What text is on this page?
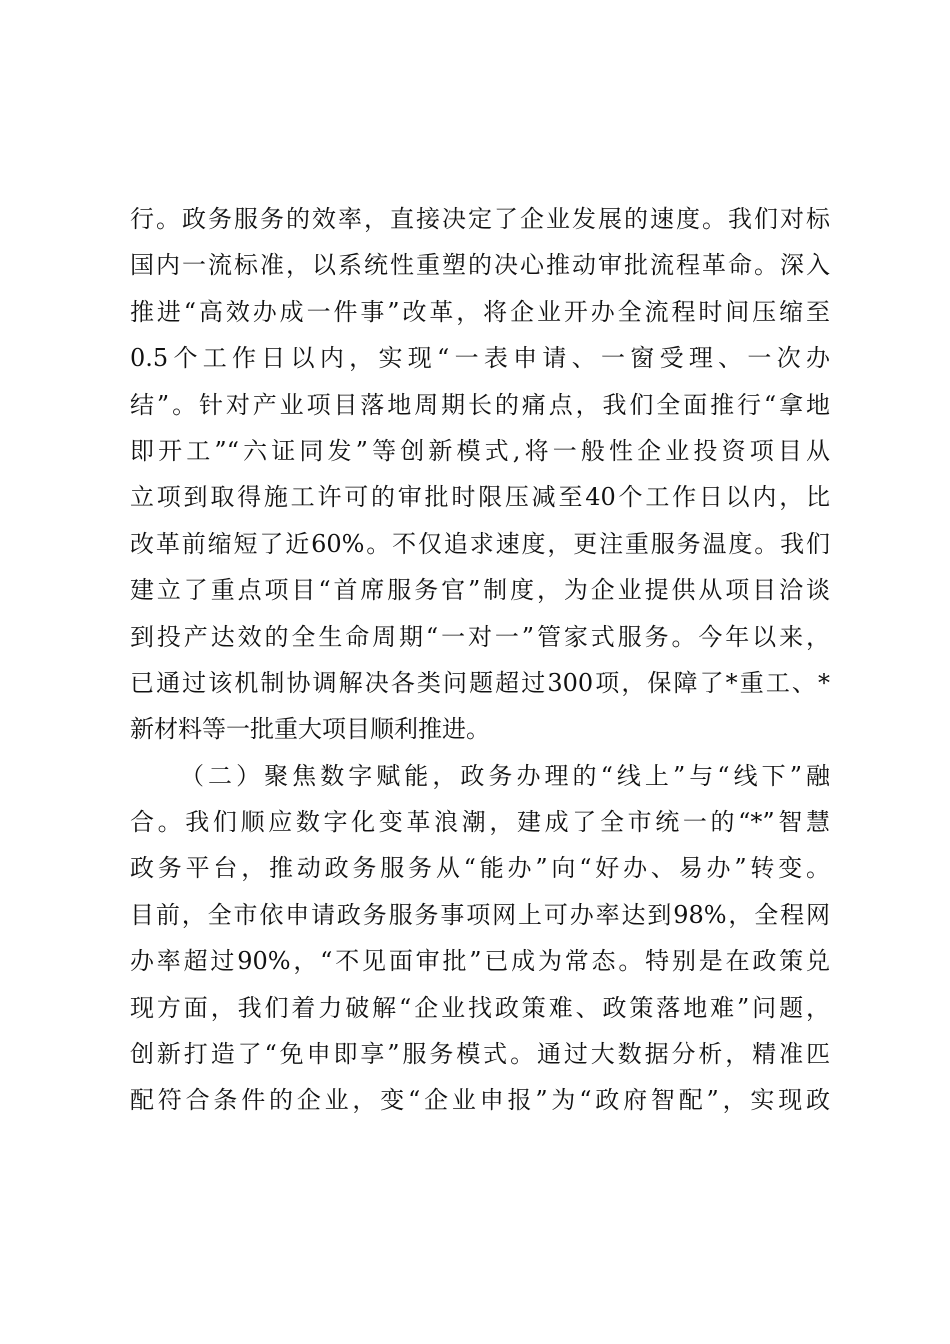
行。政务服务的效率，直接决定了企业发展的速度。我们对标
国内一流标准，以系统性重塑的决心推动审批流程革命。深入
推进“高效办成一件事”改革，将企业开办全流程时间压缩至
0.5个工作日以内，实现“一表申请、一窗受理、一次办
结”。针对产业项目落地周期长的痛点，我们全面推行“拿地
即开工”“六证同发”等创新模式,将一般性企业投资项目从
立项到取得施工许可的审批时限压减至40个工作日以内，比
改革前缩短了近60%。不仅追求速度，更注重服务温度。我们
建立了重点项目“首席服务官”制度，为企业提供从项目洽谈
到投产达效的全生命周期“一对一”管家式服务。今年以来，
已通过该机制协调解决各类问题超过300项，保障了*重工、*
新材料等一批重大项目顺利推进。
（二）聚焦数字赋能，政务办理的“线上”与“线下”融
合。我们顺应数字化变革浪潮，建成了全市统一的“*”智慧
政务平台，推动政务服务从“能办”向“好办、易办”转变。
目前，全市依申请政务服务事项网上可办率达到98%，全程网
办率超过90%，“不见面审批”已成为常态。特别是在政策兑
现方面，我们着力破解“企业找政策难、政策落地难”问题，
创新打造了“免申即享”服务模式。通过大数据分析，精准匹
配符合条件的企业，变“企业申报”为“政府智配”，实现政
